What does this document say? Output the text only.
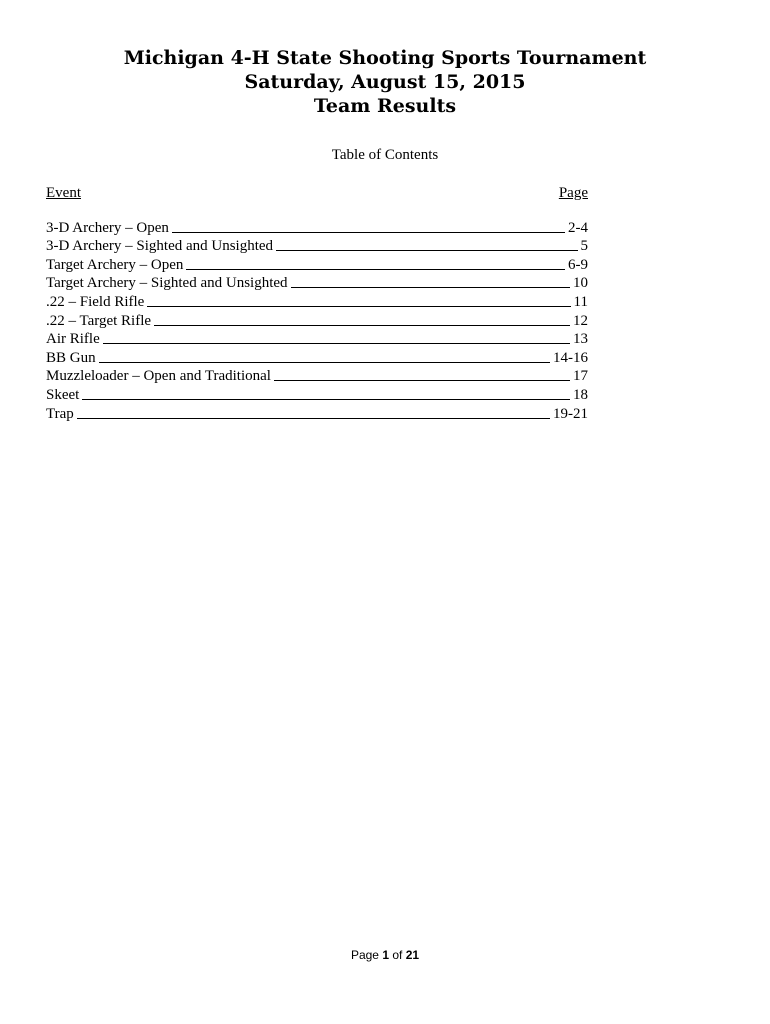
Michigan 4-H State Shooting Sports Tournament
Saturday, August 15, 2015
Team Results
Table of Contents
Event	Page
3-D Archery – Open	2-4
3-D Archery – Sighted and Unsighted	5
Target Archery – Open	6-9
Target Archery – Sighted and Unsighted	10
.22 – Field Rifle	11
.22 – Target Rifle	12
Air Rifle	13
BB Gun	14-16
Muzzleloader – Open and Traditional	17
Skeet	18
Trap	19-21
Page 1 of 21
